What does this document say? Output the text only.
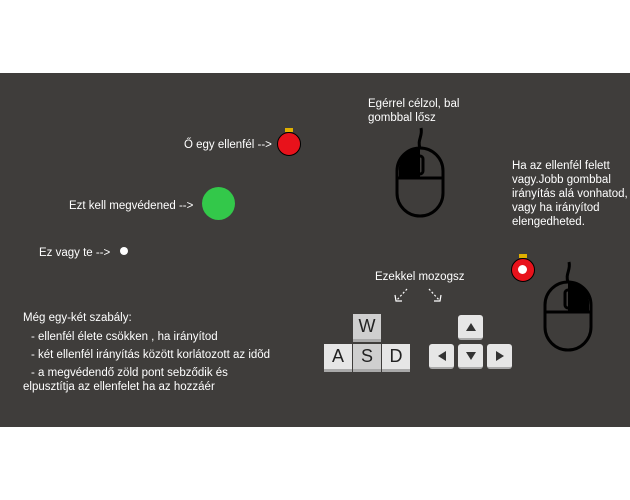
Ő egy ellenfél -->
Ezt kell megvédened -->
Ez vagy te -->
Egérrel célzol, bal gombbal lősz
Ha az ellenfél felett vagy.Jobb gombbal irányítás alá vonhatod, vagy ha irányítod elengedheted.
Ezekkel mozogsz
W
A S D
Még egy-két szabály:
- ellenfél élete csökken , ha irányítod
- két ellenfél irányítás között korlátozott az idõd
- a megvédendő zöld pont sebződik és elpusztítja az ellenfelet ha az hozzáér
